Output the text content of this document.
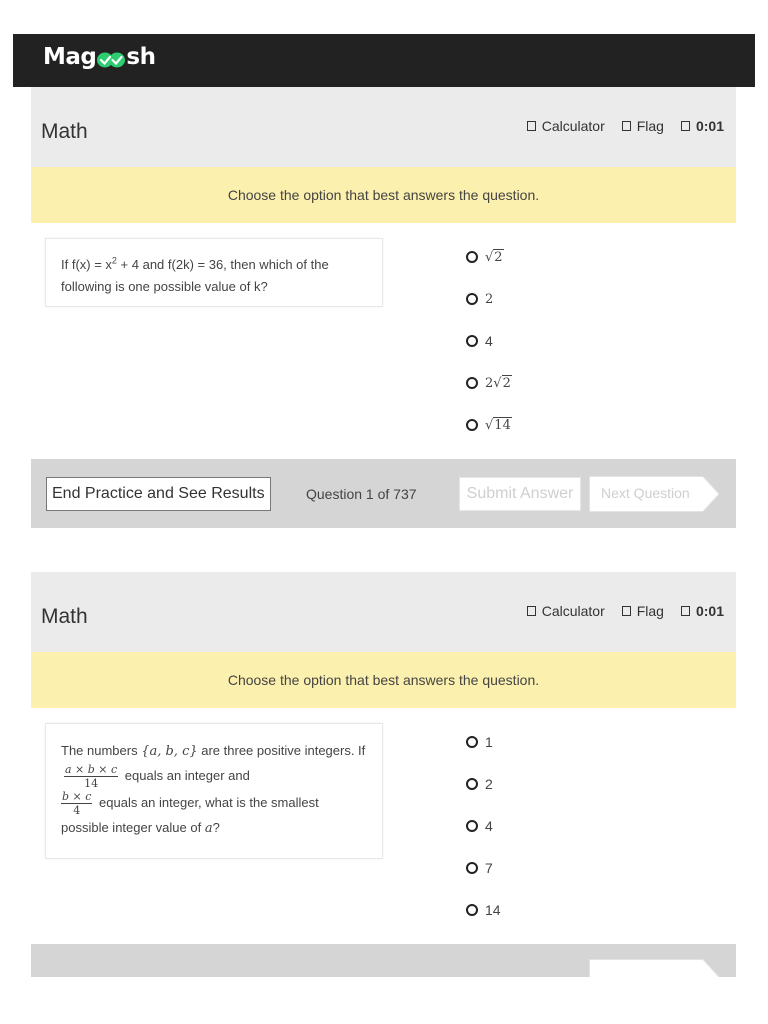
Mag sh
Math	Calculator Flag 0:01
Choose the option that best answers the question.
If $f(x) = x^2 + 4$ and f(2k) = 36, then which of the following is one possible value of k?
√2
2
4
2√2
√14
End Practice and See Results	Question 1 of 737	Submit Answer	Next Question
Math	Calculator Flag 0:01
Choose the option that best answers the question.
The numbers {a, b, c} are three positive integers. If
$\frac{a \times b \times c}{14}$ equals an integer and

$\frac{b \times c}{4}$ equals an integer, what is the smallest possible integer value of a?
1
2
4
7
14
